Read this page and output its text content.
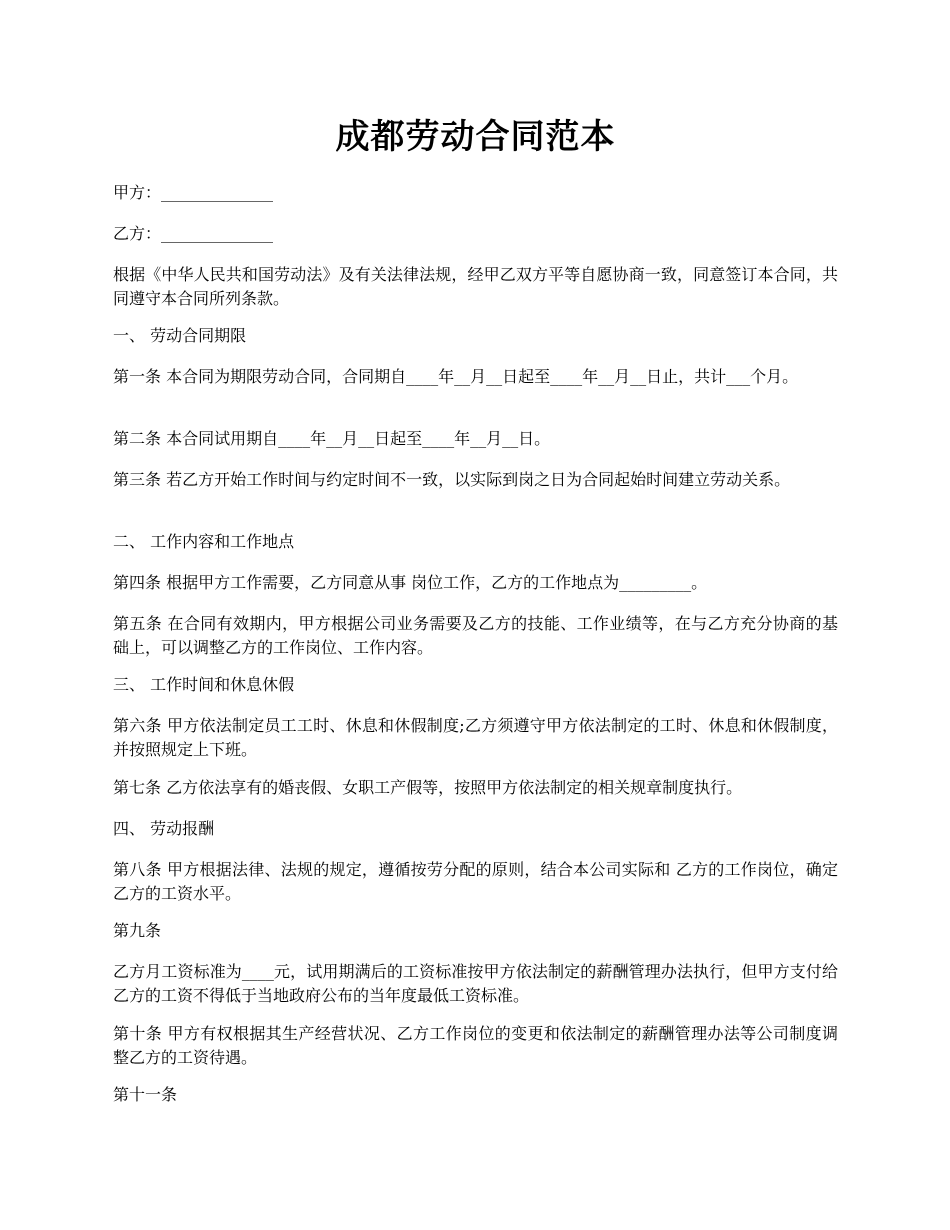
成都劳动合同范本

甲方：______________

乙方：______________

根据《中华人民共和国劳动法》及有关法律法规，经甲乙双方平等自愿协商一致，同意签订本合同，共同遵守本合同所列条款。

一、 劳动合同期限

第一条 本合同为期限劳动合同，合同期自____年__月__日起至____年__月__日止，共计___个月。

第二条 本合同试用期自____年__月__日起至____年__月__日。

第三条 若乙方开始工作时间与约定时间不一致，以实际到岗之日为合同起始时间建立劳动关系。

二、 工作内容和工作地点

第四条 根据甲方工作需要，乙方同意从事 岗位工作，乙方的工作地点为_________。

第五条 在合同有效期内，甲方根据公司业务需要及乙方的技能、工作业绩等，在与乙方充分协商的基础上，可以调整乙方的工作岗位、工作内容。

三、 工作时间和休息休假

第六条 甲方依法制定员工工时、休息和休假制度;乙方须遵守甲方依法制定的工时、休息和休假制度，并按照规定上下班。

第七条 乙方依法享有的婚丧假、女职工产假等，按照甲方依法制定的相关规章制度执行。

四、 劳动报酬

第八条 甲方根据法律、法规的规定，遵循按劳分配的原则，结合本公司实际和 乙方的工作岗位，确定乙方的工资水平。

第九条

乙方月工资标准为____元，试用期满后的工资标准按甲方依法制定的薪酬管理办法执行，但甲方支付给乙方的工资不得低于当地政府公布的当年度最低工资标准。

第十条 甲方有权根据其生产经营状况、乙方工作岗位的变更和依法制定的薪酬管理办法等公司制度调整乙方的工资待遇。

第十一条
